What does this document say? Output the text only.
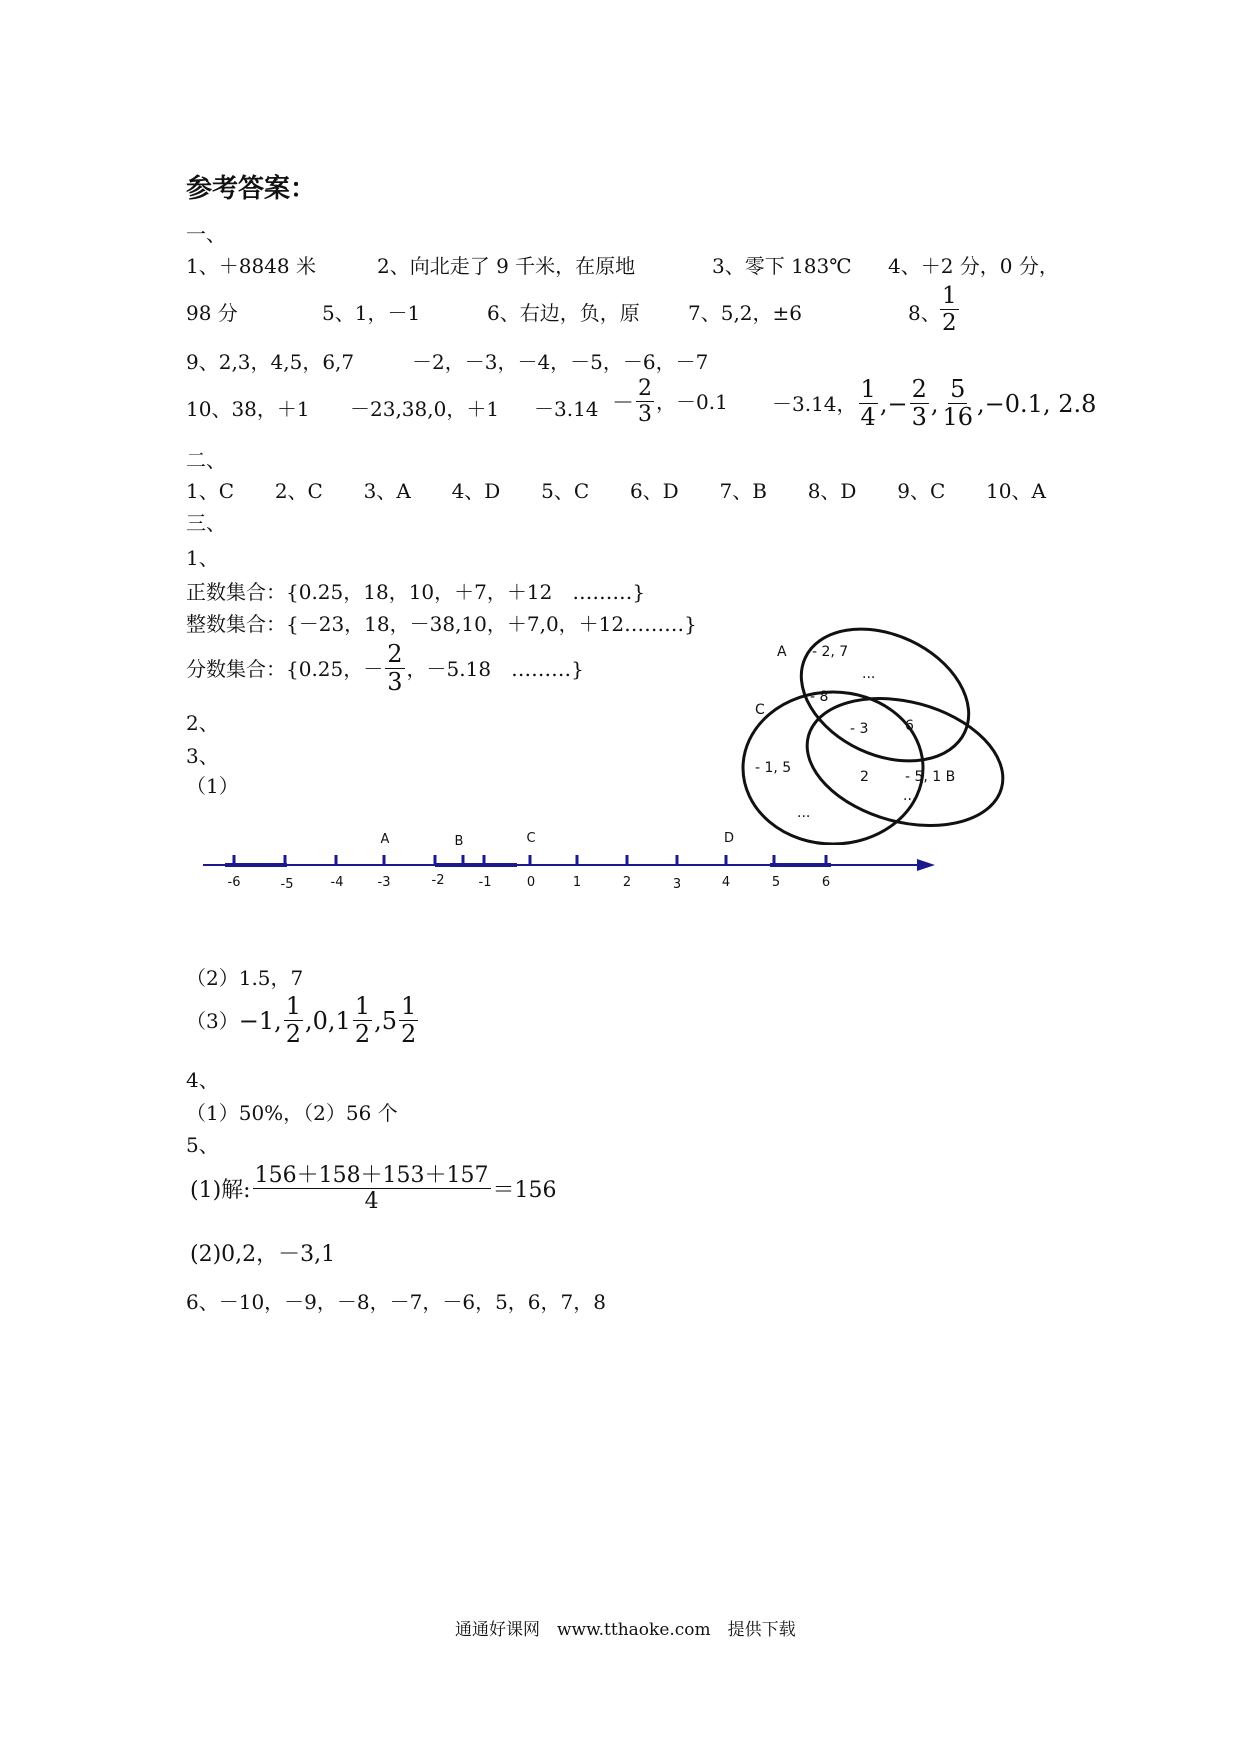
参考答案：
一、
1、＋8848 米	2、向北走了 9 千米，在原地	3、零下 183℃ 4、＋2 分，0 分，
98 分	5、1，－1	6、右边，负，原 7、5,2，±6	8、 $\frac{1}{2}$
9、2,3，4,5，6,7	－2，－3，－4，－5，－6，－7
10、38，＋1 －23,38,0，$+1 -3.14 - \frac{2}{3}$ ，－0.1 －3.14， $\frac{1}{4}$ ,− $\frac{2}{3}$ , $\frac{5}{16} ,-0.1$, 2.8
二、
1、C 2、C 3、A 4、D 5、C 6、D 7、B 8、D 9、C 10、A
三、
1、
正数集合：{0.25，18，10，＋7，＋12　………}
整数集合：{－23，18，－38,10，＋7,0，＋12………}
分数集合：{0.25，－ $\frac{2}{3}$ ，－5.18　………}
2、
3、
（1）
A - 2, 7
...
C
- 8
- 3	6
- 1, 5
2	- 5, 1 B
...
...
-6	-5	-4	-3	-2	-1	0	1	2	3	4	5	6
A	B	C	D
（2）1.5，7
（3） −1, $\frac{1}{2} ,0,1 \frac{1}{2} ,5 \frac{1}{2}$
4、
（1）50%，（2）56 个
5、
(1)解: $\frac{156+158+153+157}{4} =156$
(2)0,2，－3,1
6、－10，－9，－8，－7，－6，5，6，7，8
通通好课网　www.tthaoke.com　提供下载
